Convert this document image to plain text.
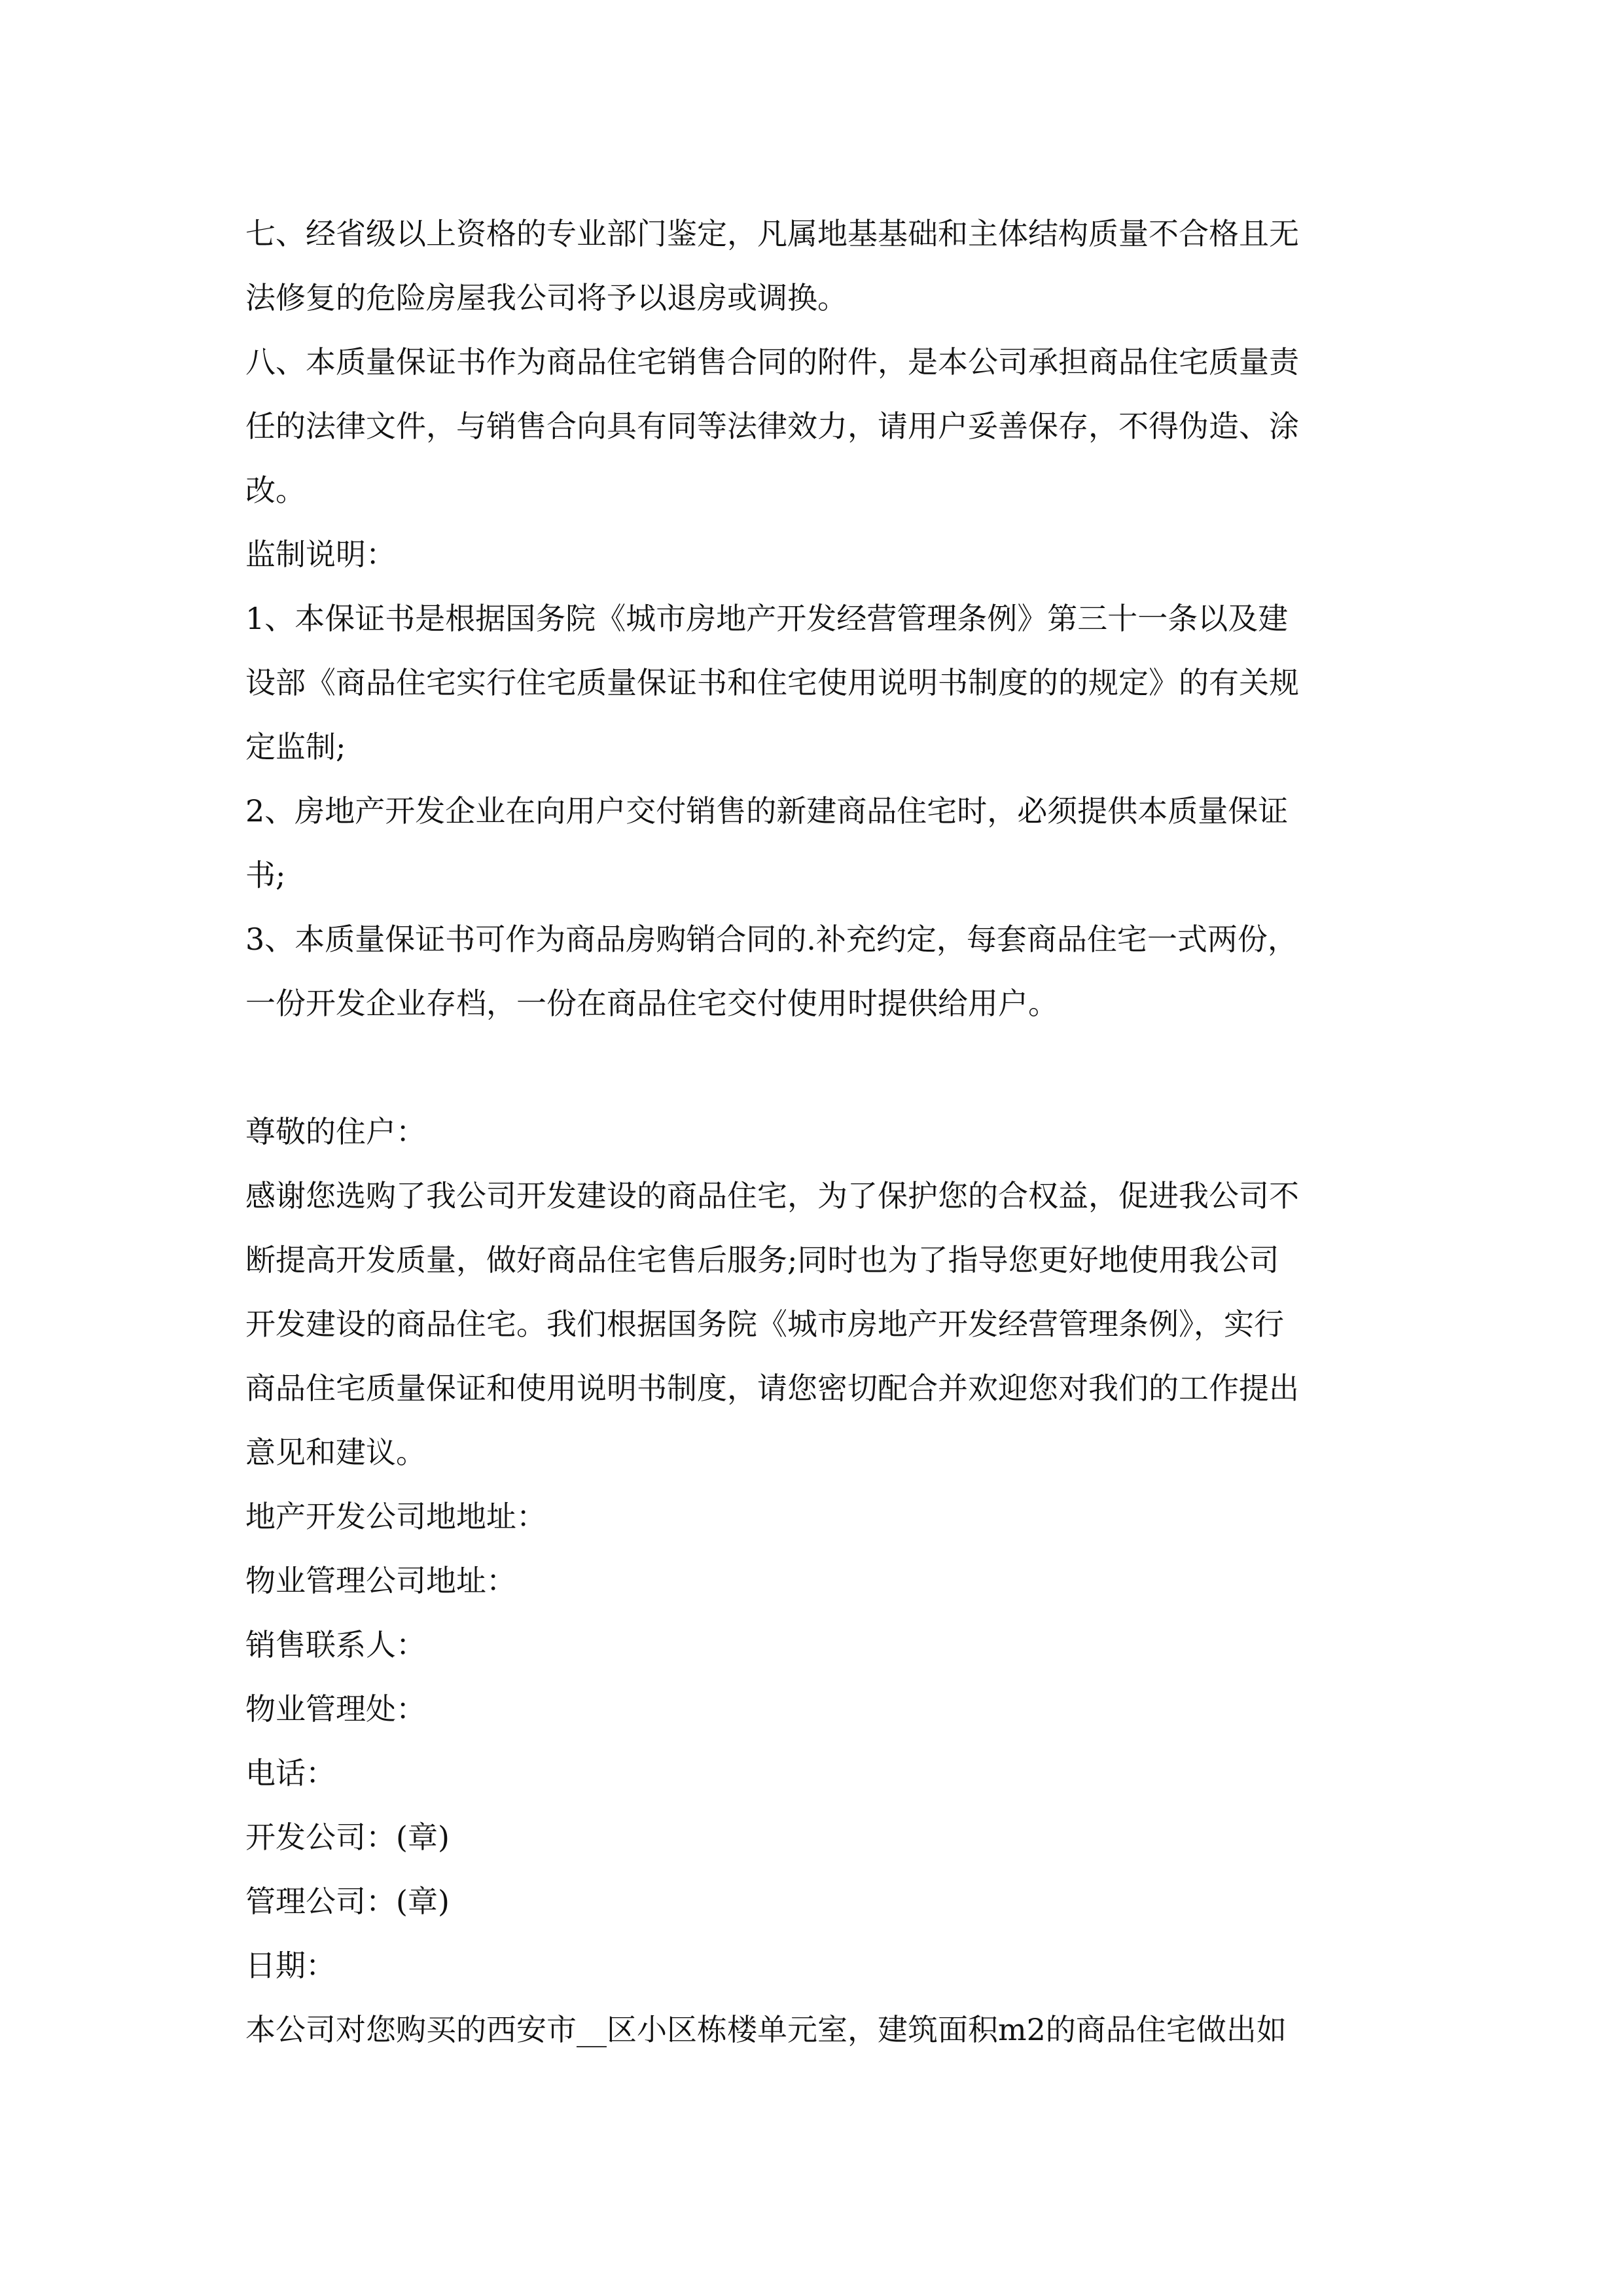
七、经省级以上资格的专业部门鉴定，凡属地基基础和主体结构质量不合格且无
法修复的危险房屋我公司将予以退房或调换。
八、本质量保证书作为商品住宅销售合同的附件，是本公司承担商品住宅质量责
任的法律文件，与销售合向具有同等法律效力，请用户妥善保存，不得伪造、涂
改。
监制说明：
1、本保证书是根据国务院《城市房地产开发经营管理条例》第三十一条以及建
设部《商品住宅实行住宅质量保证书和住宅使用说明书制度的的规定》的有关规
定监制;
2、房地产开发企业在向用户交付销售的新建商品住宅时，必须提供本质量保证
书;
3、本质量保证书可作为商品房购销合同的.补充约定，每套商品住宅一式两份，
一份开发企业存档，一份在商品住宅交付使用时提供给用户。
尊敬的住户：
感谢您选购了我公司开发建设的商品住宅，为了保护您的合权益，促进我公司不
断提高开发质量，做好商品住宅售后服务;同时也为了指导您更好地使用我公司
开发建设的商品住宅。我们根据国务院《城市房地产开发经营管理条例》，实行
商品住宅质量保证和使用说明书制度，请您密切配合并欢迎您对我们的工作提出
意见和建议。
地产开发公司地地址：
物业管理公司地址：
销售联系人：
物业管理处：
电话：
开发公司：(章)
管理公司：(章)
日期：
本公司对您购买的西安市__区小区栋楼单元室，建筑面积m2的商品住宅做出如
